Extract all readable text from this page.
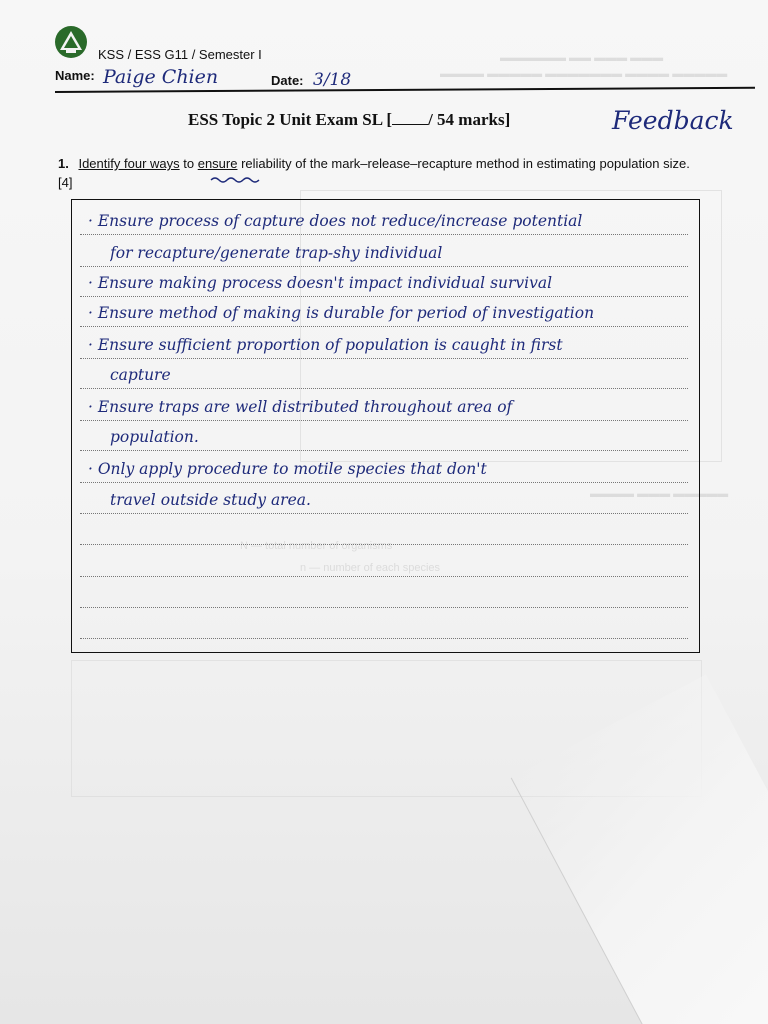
▬▬▬ ▬▬▬ ▬▬ ▬▬▬▬▬▬
▬▬▬▬▬ ▬▬▬▬ ▬▬▬▬▬▬▬ ▬▬▬▬▬ ▬▬▬▬
▬▬▬▬▬ ▬▬▬ ▬▬▬▬
N — total number of organisms
n — number of each species
KSS / ESS G11 / Semester I
Name: Paige Chien	Date: 3/18
ESS Topic 2 Unit Exam SL [ / 54 marks]	Feedback
1. Identify four ways to ensure reliability of the mark–release–recapture method in estimating population size. [4]
· Ensure process of capture does not reduce/increase potential
for recapture/generate trap-shy individual
· Ensure making process doesn't impact individual survival
· Ensure method of making is durable for period of investigation
· Ensure sufficient proportion of population is caught in first
capture
· Ensure traps are well distributed throughout area of
population.
· Only apply procedure to motile species that don't
travel outside study area.
